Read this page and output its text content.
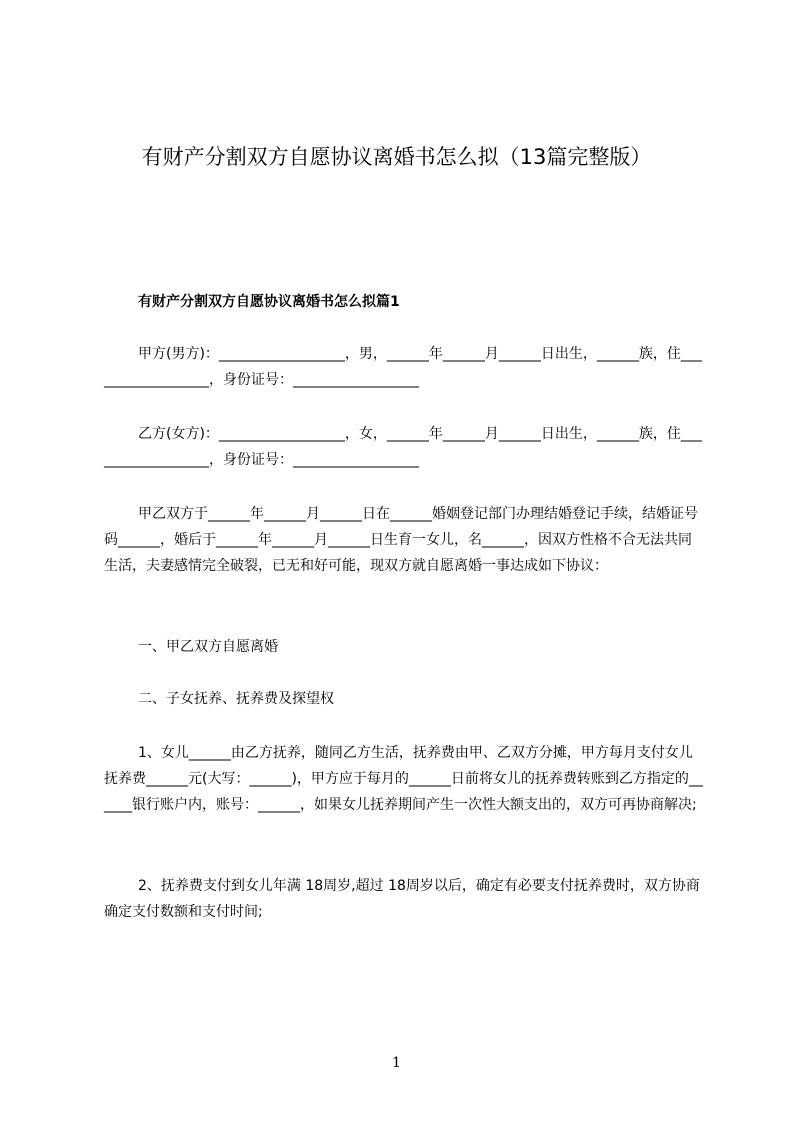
有财产分割双方自愿协议离婚书怎么拟（13篇完整版）
有财产分割双方自愿协议离婚书怎么拟篇1
甲方(男方)：__________________，男，______年______月______日出生，______族，住__________________，身份证号：__________________
乙方(女方)：__________________，女，______年______月______日出生，______族，住__________________，身份证号：__________________
甲乙双方于______年______月______日在______婚姻登记部门办理结婚登记手续，结婚证号码______，婚后于______年______月______日生育一女儿，名______，因双方性格不合无法共同生活，夫妻感情完全破裂，已无和好可能，现双方就自愿离婚一事达成如下协议：
一、甲乙双方自愿离婚
二、子女抚养、抚养费及探望权
1、女儿______由乙方抚养，随同乙方生活，抚养费由甲、乙双方分摊，甲方每月支付女儿抚养费______元(大写：______)，甲方应于每月的______日前将女儿的抚养费转账到乙方指定的______银行账户内，账号：______，如果女儿抚养期间产生一次性大额支出的，双方可再协商解决;
2、抚养费支付到女儿年满 18周岁,超过 18周岁以后，确定有必要支付抚养费时，双方协商确定支付数额和支付时间;
1
